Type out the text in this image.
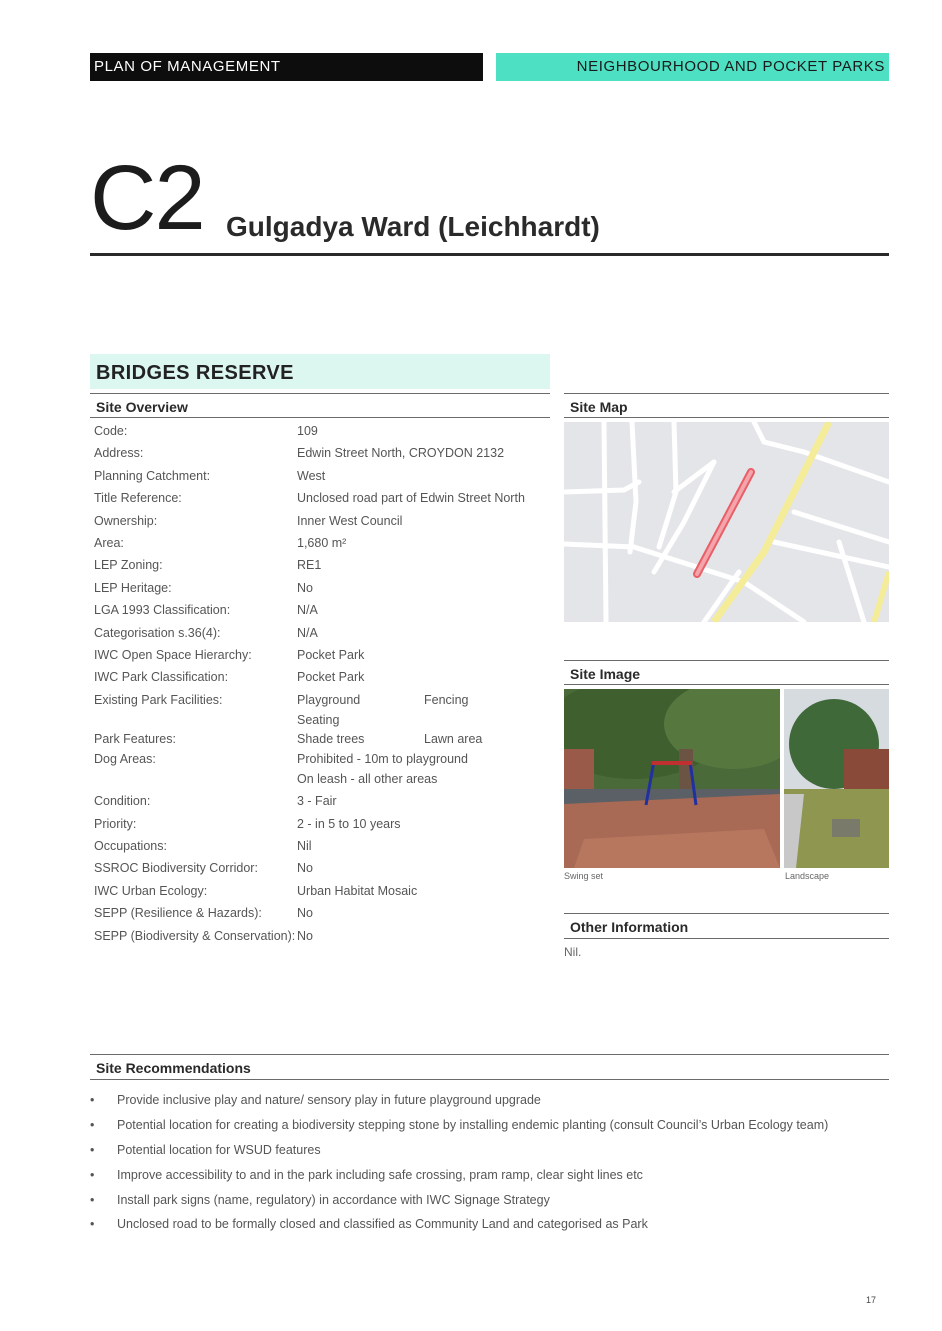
PLAN OF MANAGEMENT	NEIGHBOURHOOD AND POCKET PARKS
C2 Gulgadya Ward (Leichhardt)
BRIDGES RESERVE
Site Overview
Code:	109
Address:	Edwin Street North, CROYDON 2132
Planning Catchment:	West
Title Reference:	Unclosed road part of Edwin Street North
Ownership:	Inner West Council
Area:	1,680 m²
LEP Zoning:	RE1
LEP Heritage:	No
LGA 1993 Classification:	N/A
Categorisation s.36(4):	N/A
IWC Open Space Hierarchy:	Pocket Park
IWC Park Classification:	Pocket Park
Existing Park Facilities:	Playground	Fencing
Seating
Park Features:	Shade trees	Lawn area
Dog Areas:	Prohibited - 10m to playground
On leash - all other areas
Condition:	3 - Fair
Priority:	2 - in 5 to 10 years
Occupations:	Nil
SSROC Biodiversity Corridor:	No
IWC Urban Ecology:	Urban Habitat Mosaic
SEPP (Resilience & Hazards):	No
SEPP (Biodiversity & Conservation): No
Site Map
Site Image
Swing set	Landscape
Other Information
Nil.
Site Recommendations
• Provide inclusive play and nature/ sensory play in future playground upgrade
• Potential location for creating a biodiversity stepping stone by installing endemic planting (consult Council’s Urban Ecology team)
• Potential location for WSUD features
• Improve accessibility to and in the park including safe crossing, pram ramp, clear sight lines etc
• Install park signs (name, regulatory) in accordance with IWC Signage Strategy
• Unclosed road to be formally closed and classified as Community Land and categorised as Park
17
